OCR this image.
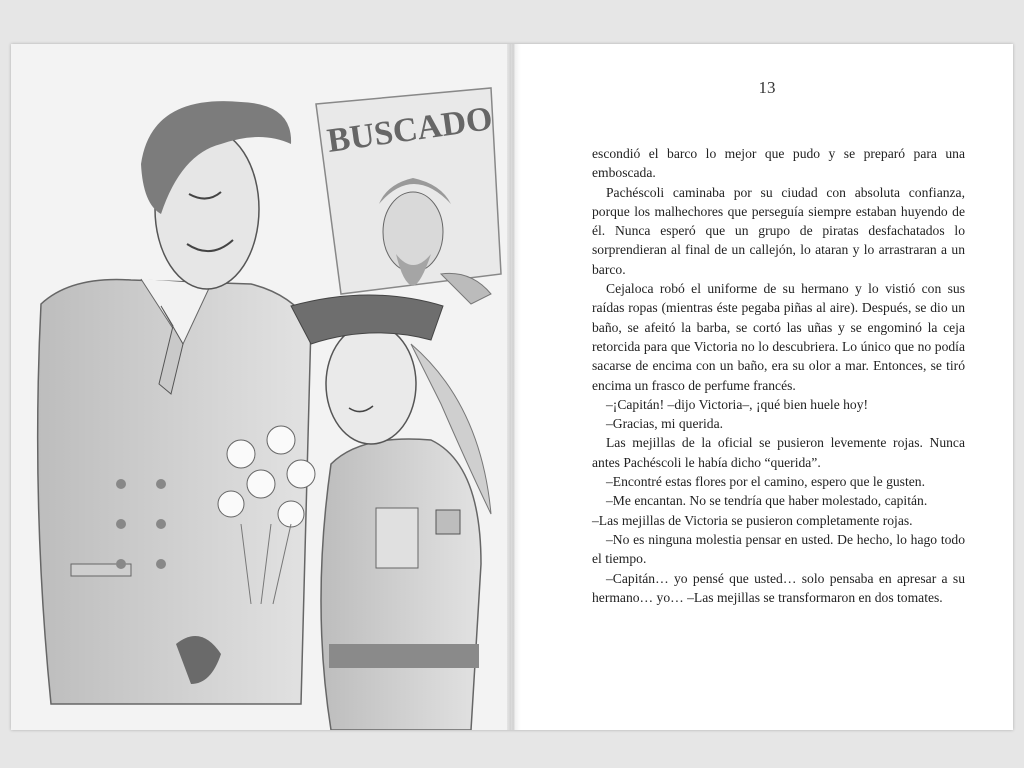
BUSCADO
13

escondió el barco lo mejor que pudo y se preparó para una emboscada.

Pachéscoli caminaba por su ciudad con absoluta confianza, porque los malhechores que perseguía siempre estaban huyendo de él. Nunca esperó que un grupo de piratas desfachatados lo sorprendieran al final de un callejón, lo ataran y lo arrastraran a un barco.

Cejaloca robó el uniforme de su hermano y lo vistió con sus raídas ropas (mientras éste pegaba piñas al aire). Después, se dio un baño, se afeitó la barba, se cortó las uñas y se engominó la ceja retorcida para que Victoria no lo descubriera. Lo único que no podía sacarse de encima con un baño, era su olor a mar. Entonces, se tiró encima un frasco de perfume francés.

–¡Capitán! –dijo Victoria–, ¡qué bien huele hoy!

–Gracias, mi querida.

Las mejillas de la oficial se pusieron levemente rojas. Nunca antes Pachéscoli le había dicho “querida”.

–Encontré estas flores por el camino, espero que le gusten.

–Me encantan. No se tendría que haber molestado, capitán.

–Las mejillas de Victoria se pusieron completamente rojas.

–No es ninguna molestia pensar en usted. De hecho, lo hago todo el tiempo.

–Capitán… yo pensé que usted… solo pensaba en apresar a su hermano… yo… –Las mejillas se transformaron en dos tomates.
